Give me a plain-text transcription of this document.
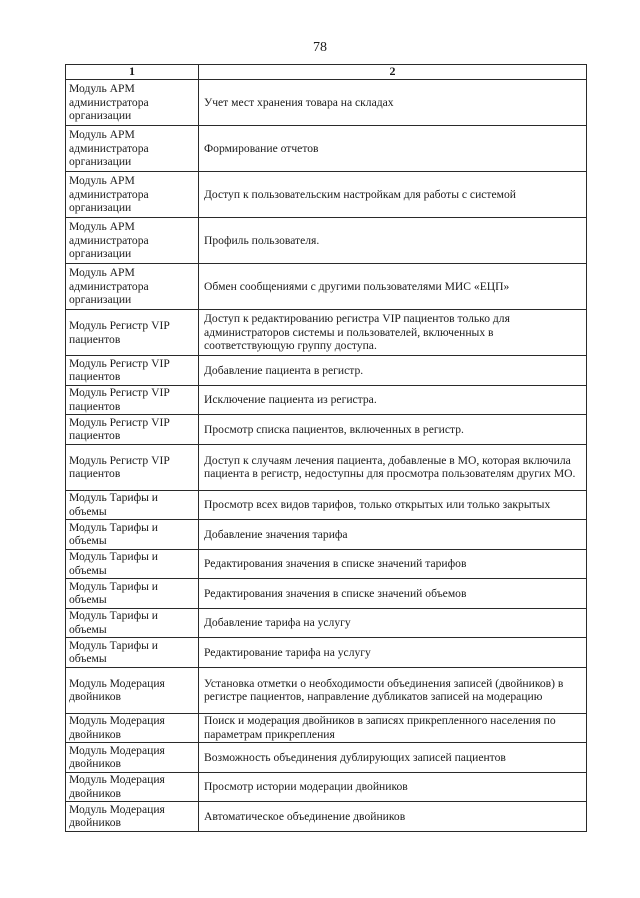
78
1	2
Модуль АРМ администратора организации	Учет мест хранения товара на складах
Модуль АРМ администратора организации	Формирование отчетов
Модуль АРМ администратора организации	Доступ к пользовательским настройкам для работы с системой
Модуль АРМ администратора организации	Профиль пользователя.
Модуль АРМ администратора организации	Обмен сообщениями с другими пользователями МИС «ЕЦП»
Модуль Регистр VIP пациентов	Доступ к редактированию регистра VIP пациентов только для администраторов системы и пользователей, включенных в соответствующую группу доступа.
Модуль Регистр VIP пациентов	Добавление пациента в регистр.
Модуль Регистр VIP пациентов	Исключение пациента из регистра.
Модуль Регистр VIP пациентов	Просмотр списка пациентов, включенных в регистр.
Модуль Регистр VIP пациентов	Доступ к случаям лечения пациента, добавленые в МО, которая включила пациента в регистр, недоступны для просмотра пользователям других МО.
Модуль Тарифы и объемы	Просмотр всех видов тарифов, только открытых или только закрытых
Модуль Тарифы и объемы	Добавление значения тарифа
Модуль Тарифы и объемы	Редактирования значения в списке значений тарифов
Модуль Тарифы и объемы	Редактирования значения в списке значений объемов
Модуль Тарифы и объемы	Добавление тарифа на услугу
Модуль Тарифы и объемы	Редактирование тарифа на услугу
Модуль Модерация двойников	Установка отметки о необходимости объединения записей (двойников) в регистре пациентов, направление дубликатов записей на модерацию
Модуль Модерация двойников	Поиск и модерация двойников в записях прикрепленного населения по параметрам прикрепления
Модуль Модерация двойников	Возможность объединения дублирующих записей пациентов
Модуль Модерация двойников	Просмотр истории модерации двойников
Модуль Модерация двойников	Автоматическое объединение двойников
